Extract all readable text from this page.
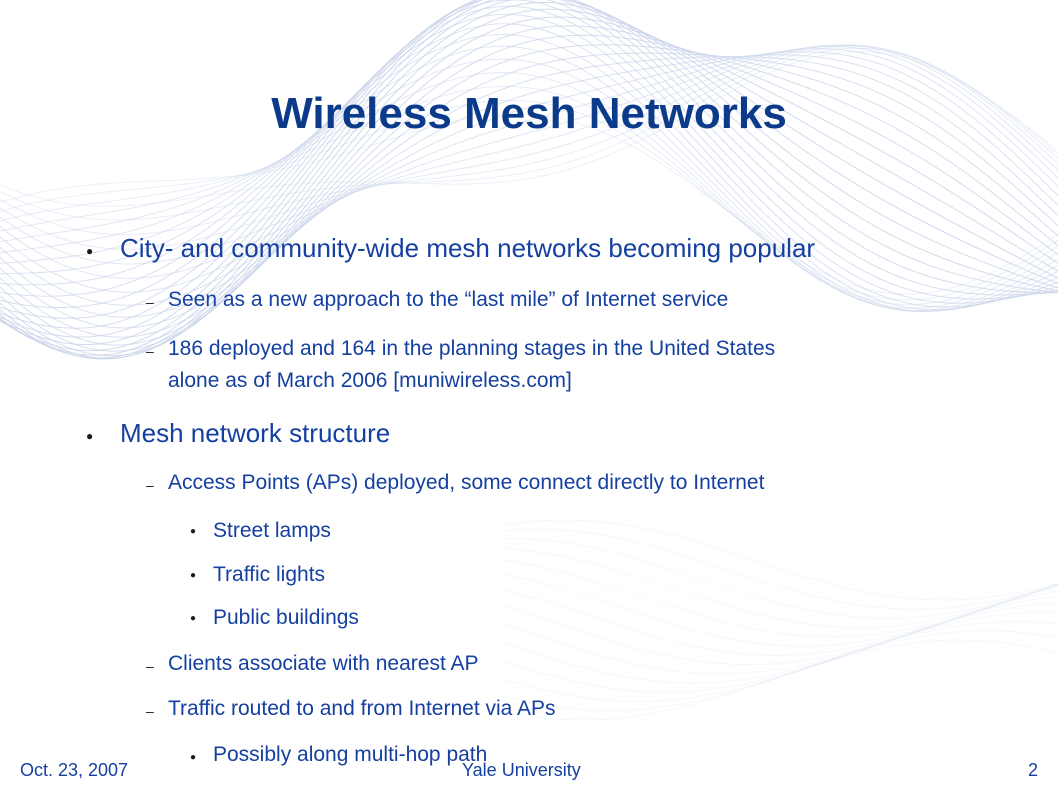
Wireless Mesh Networks
● City- and community-wide mesh networks becoming popular
– Seen as a new approach to the “last mile” of Internet service
– 186 deployed and 164 in the planning stages in the United States
alone as of March 2006 [muniwireless.com]
● Mesh network structure
– Access Points (APs) deployed, some connect directly to Internet
● Street lamps
● Traffic lights
● Public buildings
– Clients associate with nearest AP
– Traffic routed to and from Internet via APs
● Possibly along multi-hop path
Oct. 23, 2007	Yale University	2
